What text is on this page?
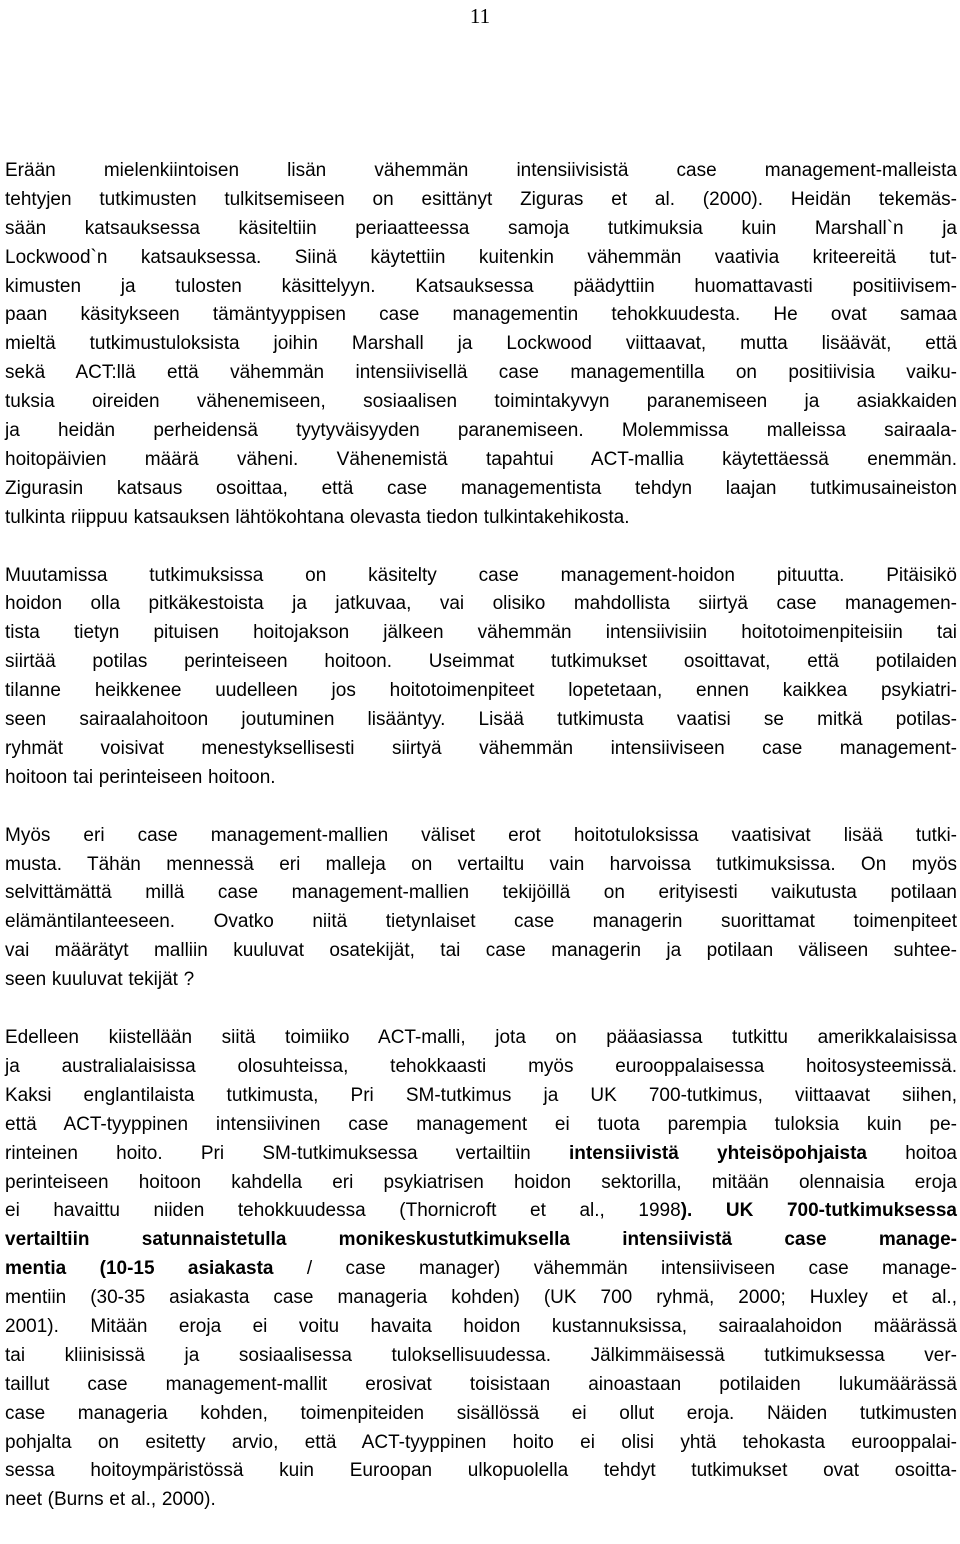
11
Erään mielenkiintoisen lisän vähemmän intensiivisistä case management-malleista
tehtyjen tutkimusten tulkitsemiseen on esittänyt Ziguras et al. (2000). Heidän tekemäs-
sään katsauksessa käsiteltiin periaatteessa samoja tutkimuksia kuin Marshall`n ja
Lockwood`n katsauksessa. Siinä käytettiin kuitenkin vähemmän vaativia kriteereitä tut-
kimusten ja tulosten käsittelyyn. Katsauksessa päädyttiin huomattavasti positiivisem-
paan käsitykseen tämäntyyppisen case managementin tehokkuudesta. He ovat samaa
mieltä tutkimustuloksista joihin Marshall ja Lockwood viittaavat, mutta lisäävät, että
sekä ACT:llä että vähemmän intensiivisellä case managementilla on positiivisia vaiku-
tuksia oireiden vähenemiseen, sosiaalisen toimintakyvyn paranemiseen ja asiakkaiden
ja heidän perheidensä tyytyväisyyden paranemiseen. Molemmissa malleissa sairaala-
hoitopäivien määrä väheni. Vähenemistä tapahtui ACT-mallia käytettäessä enemmän.
Zigurasin katsaus osoittaa, että case managementista tehdyn laajan tutkimusaineiston
tulkinta riippuu katsauksen lähtökohtana olevasta tiedon tulkintakehikosta.
Muutamissa tutkimuksissa on käsitelty case management-hoidon pituutta. Pitäisikö
hoidon olla pitkäkestoista ja jatkuvaa, vai olisiko mahdollista siirtyä case managemen-
tista tietyn pituisen hoitojakson jälkeen vähemmän intensiivisiin hoitotoimenpiteisiin tai
siirtää potilas perinteiseen hoitoon. Useimmat tutkimukset osoittavat, että potilaiden
tilanne heikkenee uudelleen jos hoitotoimenpiteet lopetetaan, ennen kaikkea psykiatri-
seen sairaalahoitoon joutuminen lisääntyy. Lisää tutkimusta vaatisi se mitkä potilas-
ryhmät voisivat menestyksellisesti siirtyä vähemmän intensiiviseen case management-
hoitoon tai perinteiseen hoitoon.
Myös eri case management-mallien väliset erot hoitotuloksissa vaatisivat lisää tutki-
musta. Tähän mennessä eri malleja on vertailtu vain harvoissa tutkimuksissa. On myös
selvittämättä millä case management-mallien tekijöillä on erityisesti vaikutusta potilaan
elämäntilanteeseen. Ovatko niitä tietynlaiset case managerin suorittamat toimenpiteet
vai määrätyt malliin kuuluvat osatekijät, tai case managerin ja potilaan väliseen suhtee-
seen kuuluvat tekijät ?
Edelleen kiistellään siitä toimiiko ACT-malli, jota on pääasiassa tutkittu amerikkalaisissa
ja australialaisissa olosuhteissa, tehokkaasti myös eurooppalaisessa hoitosysteemissä.
Kaksi englantilaista tutkimusta, Pri SM-tutkimus ja UK 700-tutkimus, viittaavat siihen,
että ACT-tyyppinen intensiivinen case management ei tuota parempia tuloksia kuin pe-
rinteinen hoito. Pri SM-tutkimuksessa vertailtiin intensiivistä yhteisöpohjaista hoitoa
perinteiseen hoitoon kahdella eri psykiatrisen hoidon sektorilla, mitään olennaisia eroja
ei havaittu niiden tehokkuudessa (Thornicroft et al., 1998). UK 700-tutkimuksessa
vertailtiin satunnaistetulla monikeskustutkimuksella intensiivistä case manage-
mentia (10-15 asiakasta / case manager) vähemmän intensiiviseen case manage-
mentiin (30-35 asiakasta case manageria kohden) (UK 700 ryhmä, 2000; Huxley et al.,
2001). Mitään eroja ei voitu havaita hoidon kustannuksissa, sairaalahoidon määrässä
tai kliinisissä ja sosiaalisessa tuloksellisuudessa. Jälkimmäisessä tutkimuksessa ver-
taillut case management-mallit erosivat toisistaan ainoastaan potilaiden lukumäärässä
case manageria kohden, toimenpiteiden sisällössä ei ollut eroja. Näiden tutkimusten
pohjalta on esitetty arvio, että ACT-tyyppinen hoito ei olisi yhtä tehokasta eurooppalai-
sessa hoitoympäristössä kuin Euroopan ulkopuolella tehdyt tutkimukset ovat osoitta-
neet (Burns et al., 2000).
